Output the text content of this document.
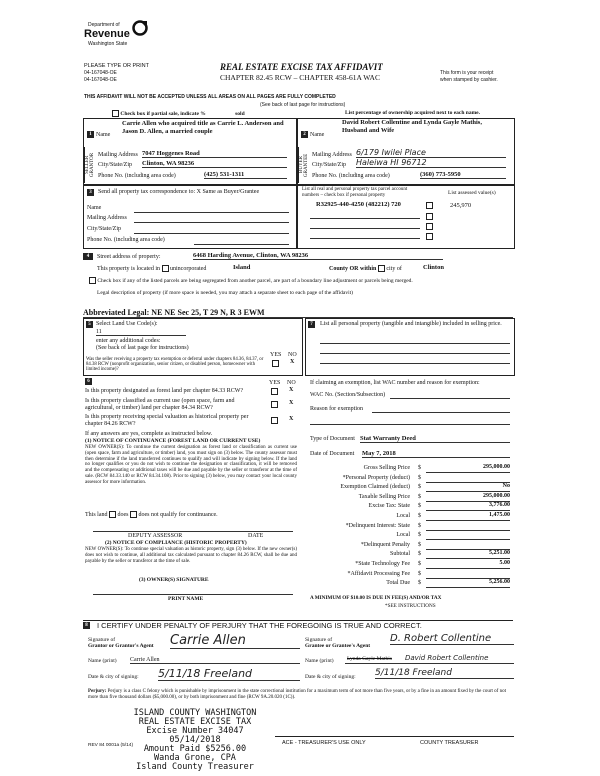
Department of
Revenue
Washington State
PLEASE TYPE OR PRINT
04-167048-OE
04-167048-OE
REAL ESTATE EXCISE TAX AFFIDAVIT
CHAPTER 82.45 RCW – CHAPTER 458-61A WAC	This form is your receipt
when stamped by cashier.
THIS AFFIDAVIT WILL NOT BE ACCEPTED UNLESS ALL AREAS ON ALL PAGES ARE FULLY COMPLETED
(See back of last page for instructions)
Check box if partial sale, indicate %	sold	List percentage of ownership acquired next to each name.
1
SELLER GRANTOR
Carrie Allen who acquired title as Carrie L. Anderson and Jason D. Allen, a married couple
Name
Mailing Address 7047 Hoggenes Road
City/State/Zip Clinton, WA 98236
Phone No. (including area code)	(425) 531-1311
2
BUYER GRANTEE
David Robert Collentine and Lynda Gayle Mathis,
Husband and Wife
Name
Mailing Address 6/179 Iwilei Place
City/State/Zip Haleiwa HI 96712
Phone No. (including area code)	(360) 773-5950
3	Send all property tax correspondence to: X Same as Buyer/Grantee
Name
Mailing Address
City/State/Zip
Phone No. (including area code)
List all real and personal property tax parcel account
numbers – check box if personal property	List assessed value(s)
R32925-440-4250 (482212) 720	245,970
4	Street address of property:	6468 Harding Avenue, Clinton, WA 98236
This property is located in unincorporated	Island	County OR within city of	Clinton
Check box if any of the listed parcels are being segregated from another parcel, are part of a boundary line adjustment or parcels being merged.
Legal description of property (if more space is needed, you may attach a separate sheet to each page of the affidavit)
Abbreviated Legal: NE NE Sec 25, T 29 N, R 3 EWM
5 Select Land Use Code(s):
11
enter any additional codes:
(See back of last page for instructions)
YES NO
Was the seller receiving a property tax exemption or deferral under chapters 84.36, 84.37, or 84.38 RCW (nonprofit organization, senior citizen, or disabled person, homeowner with limited income)?
X
6	YES NO
Is this property designated as forest land per chapter 84.33 RCW?	X
Is this property classified as current use (open space, farm and agricultural, or timber) land per chapter 84.34 RCW?
X
Is this property receiving special valuation as historical property per chapter 84.26 RCW?
X
If any answers are yes, complete as instructed below.
(1) NOTICE OF CONTINUANCE (FOREST LAND OR CURRENT USE)
NEW OWNER(S): To continue the current designation as forest land or classification as current use (open space, farm and agriculture, or timber) land, you must sign on (3) below. The county assessor must then determine if the land transferred continues to qualify and will indicate by signing below. If the land no longer qualifies or you do not wish to continue the designation or classification, it will be removed and the compensating or additional taxes will be due and payable by the seller or transferor at the time of sale. (RCW 84.33.140 or RCW 84.34.108). Prior to signing (3) below, you may contact your local county assessor for more information.
This land does does not qualify for continuance.
DEPUTY ASSESSOR	DATE
(2) NOTICE OF COMPLIANCE (HISTORIC PROPERTY)
NEW OWNER(S): To continue special valuation as historic property, sign (3) below. If the new owner(s) does not wish to continue, all additional tax calculated pursuant to chapter 84.26 RCW, shall be due and payable by the seller or transferor at the time of sale.
(3) OWNER(S) SIGNATURE
PRINT NAME
7	List all personal property (tangible and intangible) included in selling price.
If claiming an exemption, list WAC number and reason for exemption:
WAC No. (Section/Subsection)
Reason for exemption
Type of Document Stat Warranty Deed
Date of Document May 7, 2018
Gross Selling Price $	295,000.00
*Personal Property (deduct) $
Exemption Claimed (deduct) $	No
Taxable Selling Price $	295,000.00
Excise Tax: State $	3,776.00
Local $	1,475.00
*Delinquent Interest: State $
Local $
*Delinquent Penalty $
Subtotal $	5,251.00
*State Technology Fee $	5.00
*Affidavit Processing Fee $
Total Due $	5,256.00
A MINIMUM OF $10.00 IS DUE IN FEE(S) AND/OR TAX
*SEE INSTRUCTIONS
8	I CERTIFY UNDER PENALTY OF PERJURY THAT THE FOREGOING IS TRUE AND CORRECT.
Signature of
Grantor or Grantor's Agent Carrie Allen
Name (print) Carrie Allen
Date & city of signing: 5/11/18 Freeland
Signature of
Grantee or Grantee's Agent
D. Robert Collentine
Name (print) Lynda Gayle Mathis David Robert Collentine
Date & city of signing: 5/11/18 Freeland
Perjury: Perjury is a class C felony which is punishable by imprisonment in the state correctional institution for a maximum term of not more than five years, or by a fine in an amount fixed by the court of not more than five thousand dollars ($5,000.00), or by both imprisonment and fine (RCW 9A.20.020 (1C)).
ISLAND COUNTY WASHINGTON
REAL ESTATE EXCISE TAX
Excise Number 34047
05/14/2018
Amount Paid $5256.00
Wanda Grone, CPA
Island County Treasurer
REV 84 0001a (5/14)	ACE - TREASURER'S USE ONLY	COUNTY TREASURER
